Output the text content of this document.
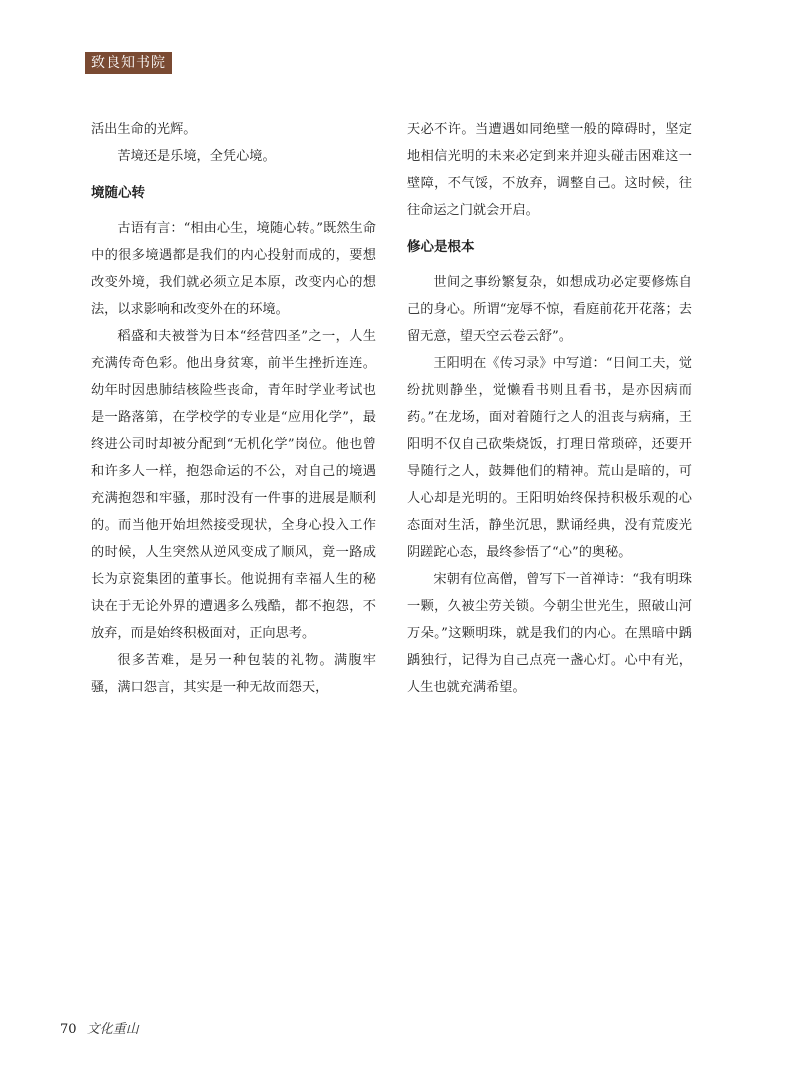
致良知书院

活出生命的光辉。

苦境还是乐境，全凭心境。

境随心转

古语有言：“相由心生，境随心转。”既然生命中的很多境遇都是我们的内心投射而成的，要想改变外境，我们就必须立足本原，改变内心的想法，以求影响和改变外在的环境。

稻盛和夫被誉为日本“经营四圣”之一，人生充满传奇色彩。他出身贫寒，前半生挫折连连。幼年时因患肺结核险些丧命，青年时学业考试也是一路落第，在学校学的专业是“应用化学”，最终进公司时却被分配到“无机化学”岗位。他也曾和许多人一样，抱怨命运的不公，对自己的境遇充满抱怨和牢骚，那时没有一件事的进展是顺利的。而当他开始坦然接受现状，全身心投入工作的时候，人生突然从逆风变成了顺风，竟一路成长为京瓷集团的董事长。他说拥有幸福人生的秘诀在于无论外界的遭遇多么残酷，都不抱怨，不放弃，而是始终积极面对，正向思考。

很多苦难，是另一种包装的礼物。满腹牢骚，满口怨言，其实是一种无故而怨天，

天必不许。当遭遇如同绝壁一般的障碍时，坚定地相信光明的未来必定到来并迎头碰击困难这一壁障，不气馁，不放弃，调整自己。这时候，往往命运之门就会开启。

修心是根本

世间之事纷繁复杂，如想成功必定要修炼自己的身心。所谓“宠辱不惊，看庭前花开花落；去留无意，望天空云卷云舒”。

王阳明在《传习录》中写道：“日间工夫，觉纷扰则静坐，觉懒看书则且看书，是亦因病而药。”在龙场，面对着随行之人的沮丧与病痛，王阳明不仅自己砍柴烧饭，打理日常琐碎，还要开导随行之人，鼓舞他们的精神。荒山是暗的，可人心却是光明的。王阳明始终保持积极乐观的心态面对生活，静坐沉思，默诵经典，没有荒废光阴蹉跎心态，最终参悟了“心”的奥秘。

宋朝有位高僧，曾写下一首禅诗：“我有明珠一颗，久被尘劳关锁。今朝尘世光生，照破山河万朵。”这颗明珠，就是我们的内心。在黑暗中踽踽独行，记得为自己点亮一盏心灯。心中有光，人生也就充满希望。

70 文化重山
